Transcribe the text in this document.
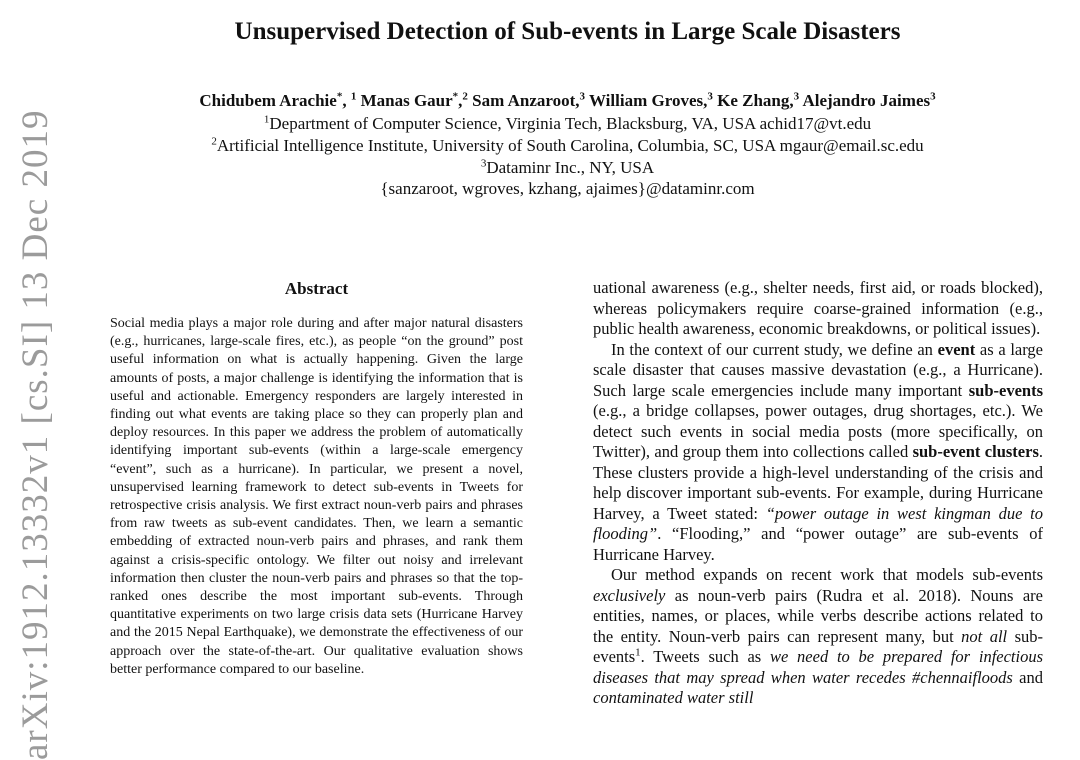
Unsupervised Detection of Sub-events in Large Scale Disasters
Chidubem Arachie*, $^1$ Manas Gaur*,$^2$ Sam Anzaroot,$^3$ William Groves,$^3$ Ke Zhang,$^3$ Alejandro Jaimes$^3$
$^1$Department of Computer Science, Virginia Tech, Blacksburg, VA, USA achid17@vt.edu
$^2$Artificial Intelligence Institute, University of South Carolina, Columbia, SC, USA mgaur@email.sc.edu
$^3$Dataminr Inc., NY, USA
{sanzaroot, wgroves, kzhang, ajaimes}@dataminr.com
arXiv:1912.13332v1 [cs.SI] 13 Dec 2019	Abstract
Social media plays a major role during and after major natural disasters (e.g., hurricanes, large-scale fires, etc.), as people “on the ground” post useful information on what is actually happening. Given the large amounts of posts, a major challenge is identifying the information that is useful and actionable. Emergency responders are largely interested in finding out what events are taking place so they can properly plan and deploy resources. In this paper we address the problem of automatically identifying important sub-events (within a large-scale emergency “event”, such as a hurricane). In particular, we present a novel, unsupervised learning framework to detect sub-events in Tweets for retrospective crisis analysis. We first extract noun-verb pairs and phrases from raw tweets as sub-event candidates. Then, we learn a semantic embedding of extracted noun-verb pairs and phrases, and rank them against a crisis-specific ontology. We filter out noisy and irrelevant information then cluster the noun-verb pairs and phrases so that the top-ranked ones describe the most important sub-events. Through quantitative experiments on two large crisis data sets (Hurricane Harvey and the 2015 Nepal Earthquake), we demonstrate the effectiveness of our approach over the state-of-the-art. Our qualitative evaluation shows better performance compared to our baseline.

uational awareness (e.g., shelter needs, first aid, or roads blocked), whereas policymakers require coarse-grained information (e.g., public health awareness, economic breakdowns, or political issues).

In the context of our current study, we define an event as a large scale disaster that causes massive devastation (e.g., a Hurricane). Such large scale emergencies include many important sub-events (e.g., a bridge collapses, power outages, drug shortages, etc.). We detect such events in social media posts (more specifically, on Twitter), and group them into collections called sub-event clusters. These clusters provide a high-level understanding of the crisis and help discover important sub-events. For example, during Hurricane Harvey, a Tweet stated: “power outage in west kingman due to flooding”. “Flooding,” and “power outage” are sub-events of Hurricane Harvey.

Our method expands on recent work that models sub-events exclusively as noun-verb pairs (Rudra et al. 2018). Nouns are entities, names, or places, while verbs describe actions related to the entity. Noun-verb pairs can represent many, but not all sub-events$^1$. Tweets such as we need to be prepared for infectious diseases that may spread when water recedes #chennaifloods and contaminated water still
